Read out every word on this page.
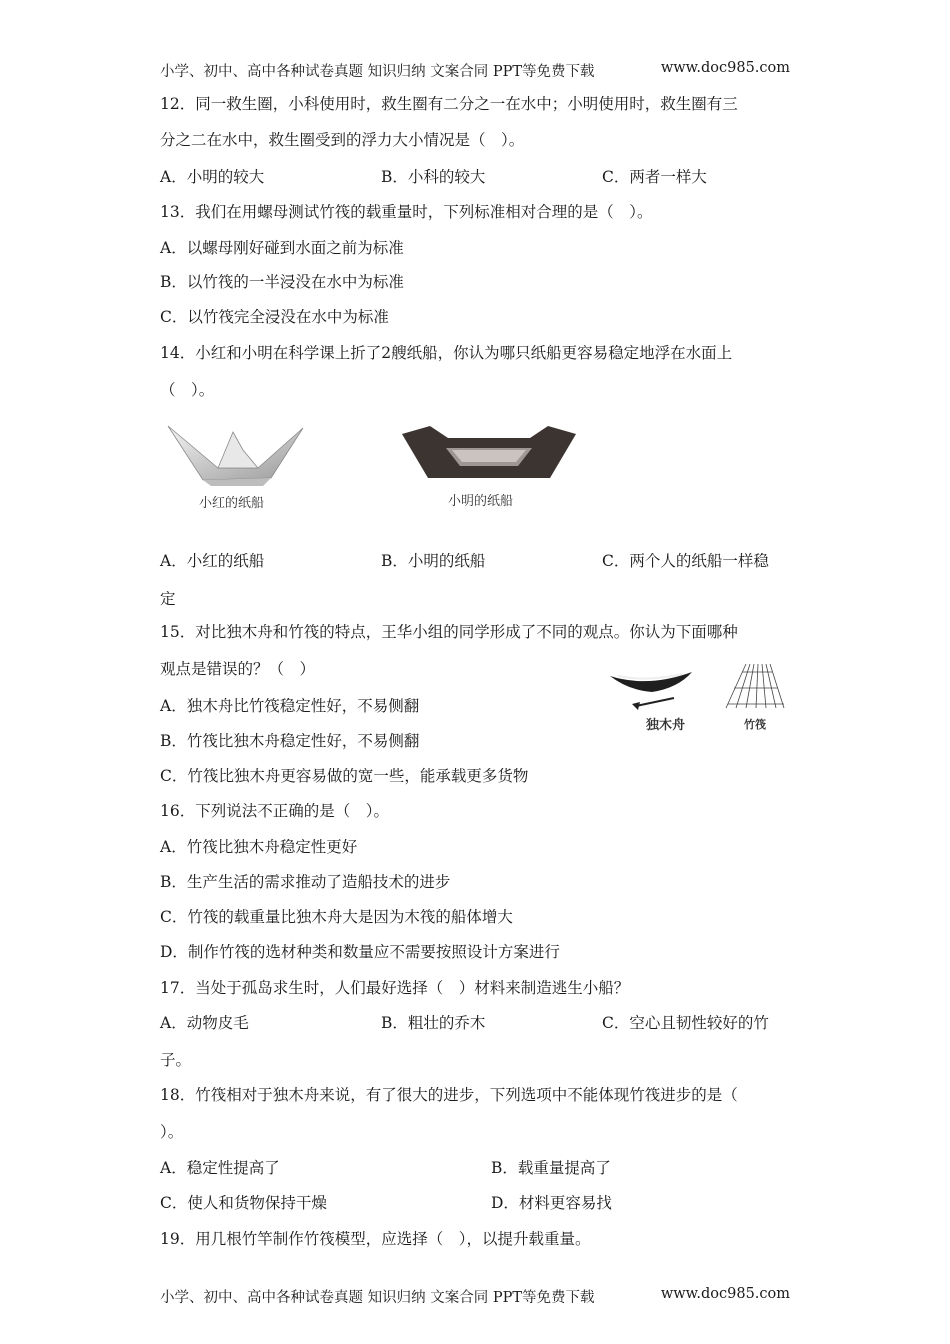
小学、初中、高中各种试卷真题 知识归纳 文案合同 PPT等免费下载	www.doc985.com
12．同一救生圈，小科使用时，救生圈有二分之一在水中；小明使用时，救生圈有三
分之二在水中，救生圈受到的浮力大小情况是（　）。
A．小明的较大	B．小科的较大	C．两者一样大
13．我们在用螺母测试竹筏的载重量时，下列标准相对合理的是（　）。
A．以螺母刚好碰到水面之前为标准
B．以竹筏的一半浸没在水中为标准
C．以竹筏完全浸没在水中为标准
14．小红和小明在科学课上折了2艘纸船，你认为哪只纸船更容易稳定地浮在水面上
（　）。
小红的纸船	小明的纸船
A．小红的纸船	B．小明的纸船	C．两个人的纸船一样稳
定
15．对比独木舟和竹筏的特点，王华小组的同学形成了不同的观点。你认为下面哪种
观点是错误的？（　）
独木舟	竹筏
A．独木舟比竹筏稳定性好，不易侧翻
B．竹筏比独木舟稳定性好，不易侧翻
C．竹筏比独木舟更容易做的宽一些，能承载更多货物
16．下列说法不正确的是（　）。
A．竹筏比独木舟稳定性更好
B．生产生活的需求推动了造船技术的进步
C．竹筏的载重量比独木舟大是因为木筏的船体增大
D．制作竹筏的选材种类和数量应不需要按照设计方案进行
17．当处于孤岛求生时，人们最好选择（　）材料来制造逃生小船？
A．动物皮毛	B．粗壮的乔木	C．空心且韧性较好的竹
子。
18．竹筏相对于独木舟来说，有了很大的进步，下列选项中不能体现竹筏进步的是（
）。
A．稳定性提高了	B．载重量提高了
C．使人和货物保持干燥	D．材料更容易找
19．用几根竹竿制作竹筏模型，应选择（　），以提升载重量。
小学、初中、高中各种试卷真题 知识归纳 文案合同 PPT等免费下载	www.doc985.com
